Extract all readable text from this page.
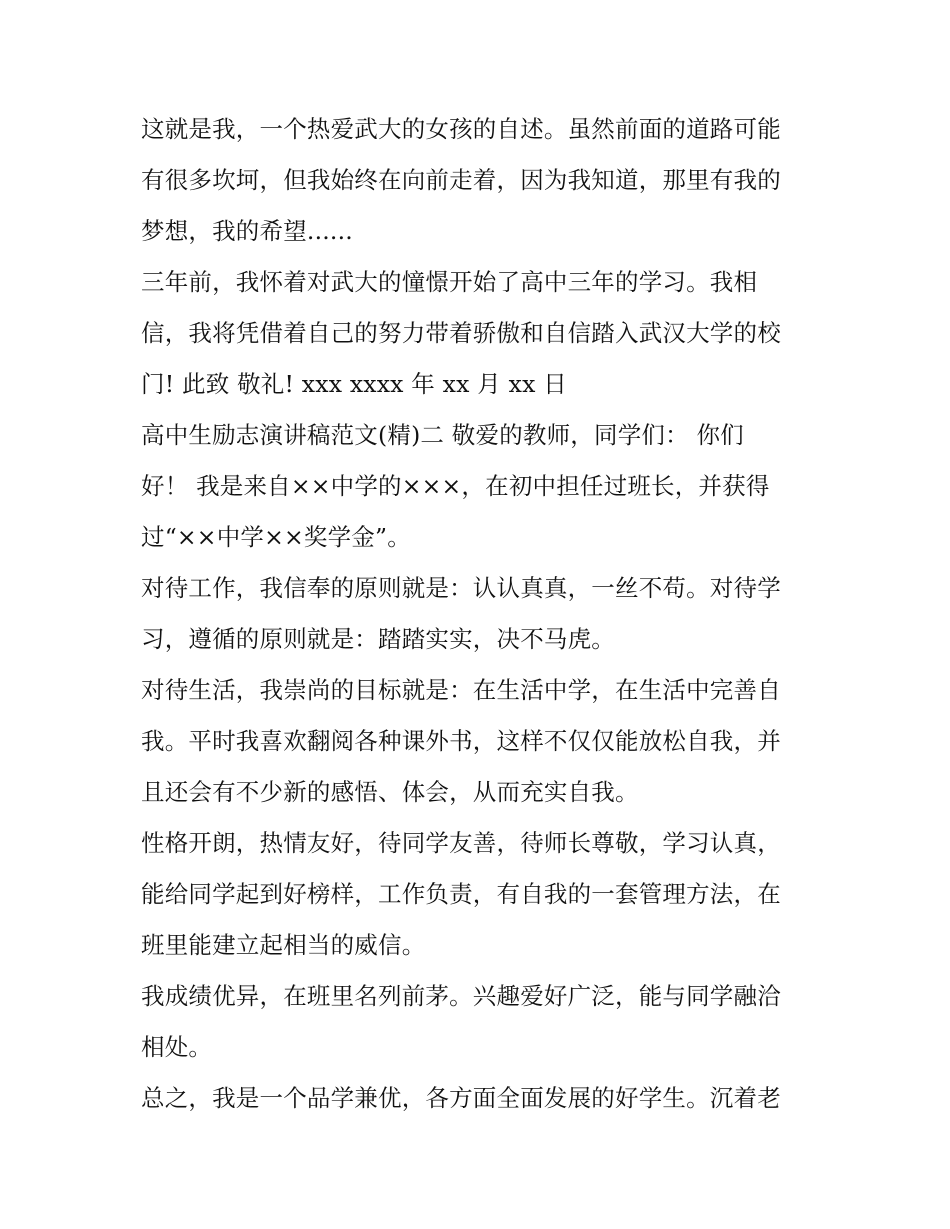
这就是我，一个热爱武大的女孩的自述。虽然前面的道路可能
有很多坎坷，但我始终在向前走着，因为我知道，那里有我的
梦想，我的希望......
三年前，我怀着对武大的憧憬开始了高中三年的学习。我相
信，我将凭借着自己的努力带着骄傲和自信踏入武汉大学的校
门! 此致 敬礼! xxx xxxx 年 xx 月 xx 日
高中生励志演讲稿范文(精)二 敬爱的教师，同学们： 你们
好！ 我是来自××中学的×××，在初中担任过班长，并获得
过“××中学××奖学金”。
对待工作，我信奉的原则就是：认认真真，一丝不苟。对待学
习，遵循的原则就是：踏踏实实，决不马虎。
对待生活，我崇尚的目标就是：在生活中学，在生活中完善自
我。平时我喜欢翻阅各种课外书，这样不仅仅能放松自我，并
且还会有不少新的感悟、体会，从而充实自我。
性格开朗，热情友好，待同学友善，待师长尊敬，学习认真，
能给同学起到好榜样，工作负责，有自我的一套管理方法，在
班里能建立起相当的威信。
我成绩优异，在班里名列前茅。兴趣爱好广泛，能与同学融洽
相处。
总之，我是一个品学兼优，各方面全面发展的好学生。沉着老
